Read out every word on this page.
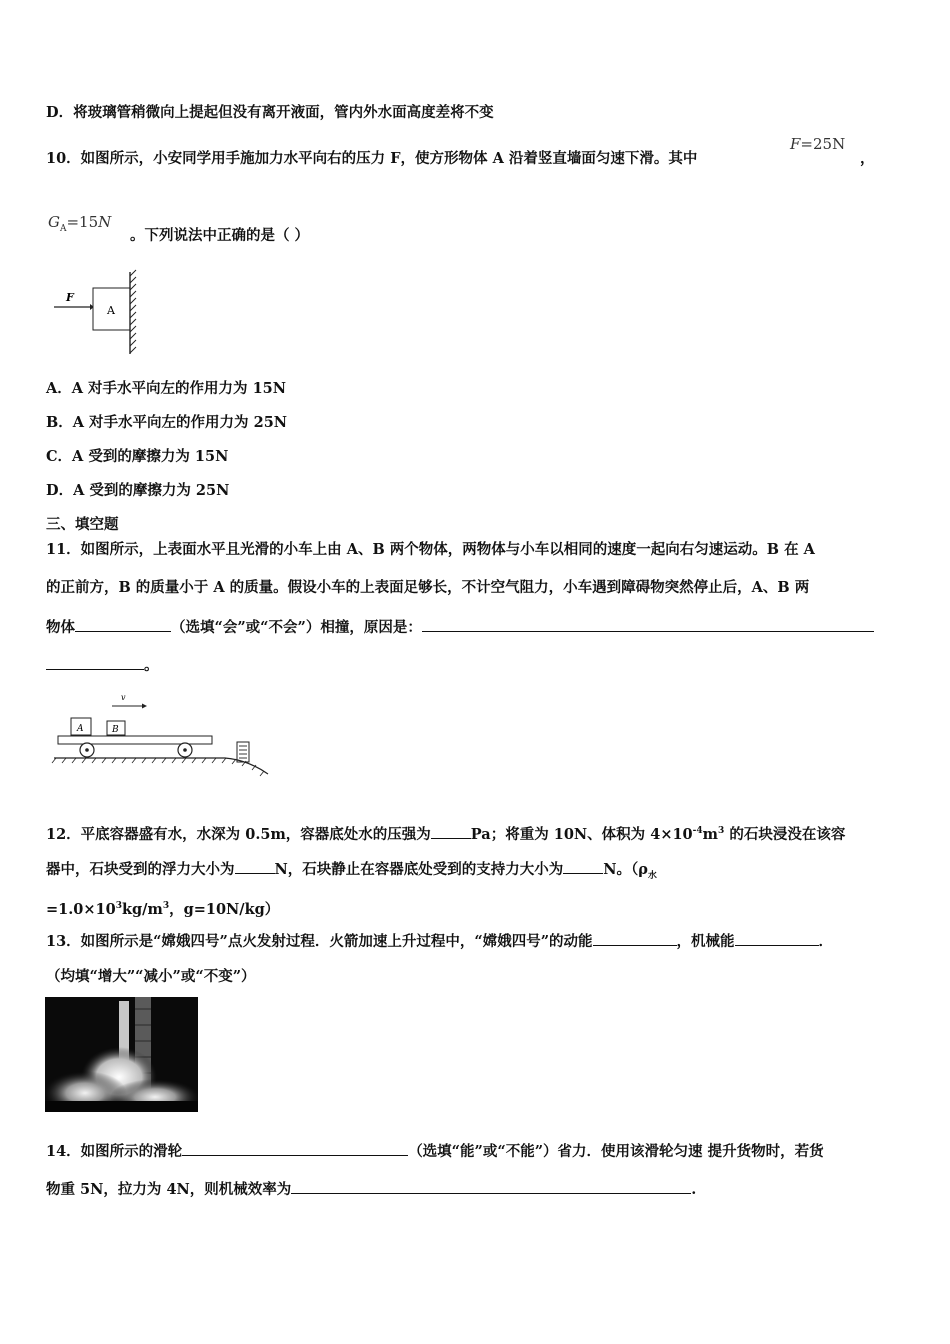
D．将玻璃管稍微向上提起但没有离开液面，管内外水面高度差将不变
10．如图所示，小安同学用手施加力水平向右的压力 F，使方形物体 A 沿着竖直墙面匀速下滑。其中
F=25N
，
$G_A=15N$
。下列说法中正确的是（ ）
F
A
A．A 对手水平向左的作用力为 15N
B．A 对手水平向左的作用力为 25N
C．A 受到的摩擦力为 15N
D．A 受到的摩擦力为 25N
三、填空题
11．如图所示，上表面水平且光滑的小车上由 A、B 两个物体，两物体与小车以相同的速度一起向右匀速运动。B 在 A
的正前方，B 的质量小于 A 的质量。假设小车的上表面足够长，不计空气阻力，小车遇到障碍物突然停止后，A、B 两
物体	（选填“会”或“不会”）相撞，原因是：
。
v
A	B
12．平底容器盛有水，水深为 0.5m，容器底处水的压强为	Pa；将重为 10N、体积为 $4\times 10^{-4}m^3$ 的石块浸没在该容
器中，石块受到的浮力大小为	N，石块静止在容器底处受到的支持力大小为	N。（$\rho_水$
$=1.0\times 10^3kg/m^3$，g=10N/kg）
13．如图所示是“嫦娥四号”点火发射过程．火箭加速上升过程中，“嫦娥四号”的动能	，机械能	．
（均填“增大”“减小”或“不变”）
14．如图所示的滑轮	（选填“能”或“不能”）省力．使用该滑轮匀速 提升货物时，若货
物重 5N，拉力为 4N，则机械效率为	.
